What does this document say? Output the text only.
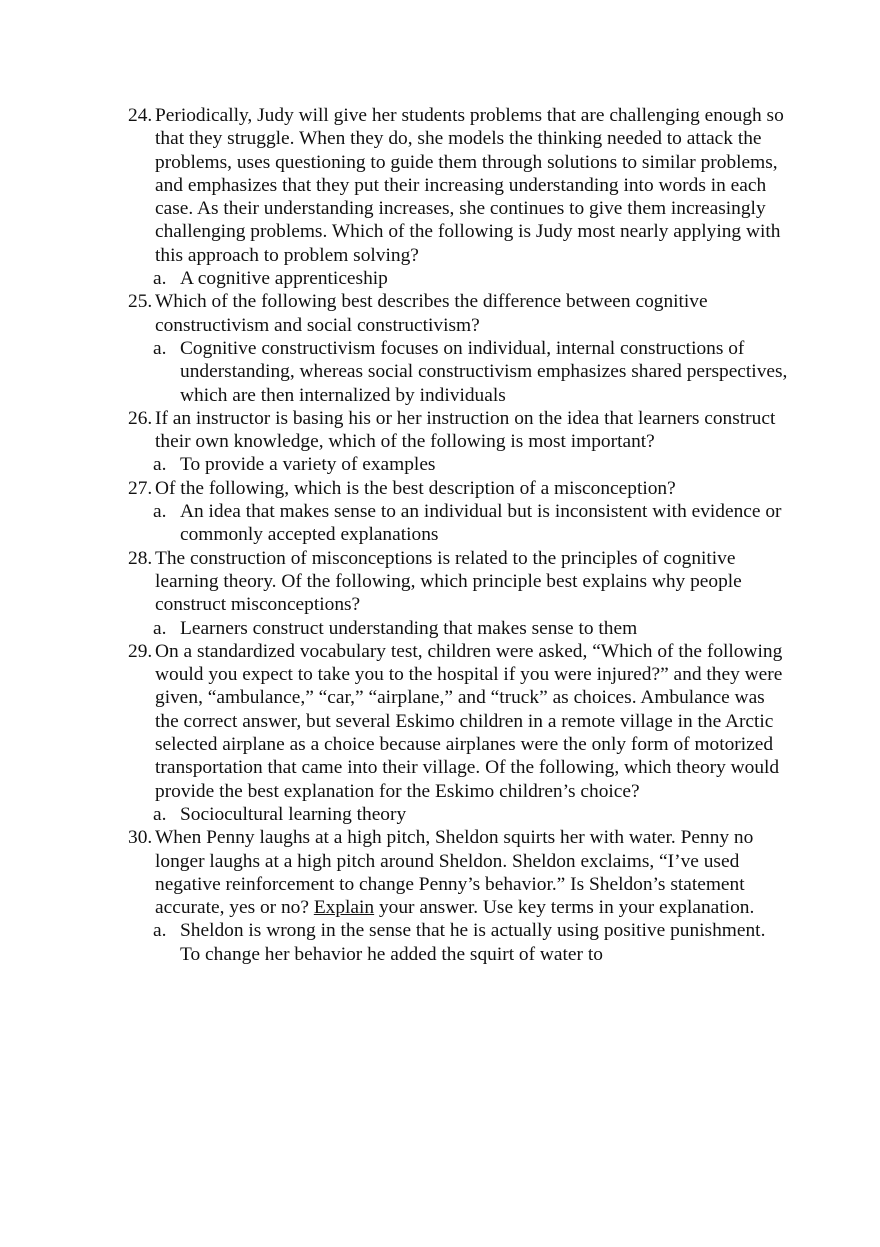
24. Periodically, Judy will give her students problems that are challenging enough so that they struggle. When they do, she models the thinking needed to attack the problems, uses questioning to guide them through solutions to similar problems, and emphasizes that they put their increasing understanding into words in each case. As their understanding increases, she continues to give them increasingly challenging problems. Which of the following is Judy most nearly applying with this approach to problem solving?
a. A cognitive apprenticeship
25. Which of the following best describes the difference between cognitive constructivism and social constructivism?
a. Cognitive constructivism focuses on individual, internal constructions of understanding, whereas social constructivism emphasizes shared perspectives, which are then internalized by individuals
26. If an instructor is basing his or her instruction on the idea that learners construct their own knowledge, which of the following is most important?
a. To provide a variety of examples
27. Of the following, which is the best description of a misconception?
a. An idea that makes sense to an individual but is inconsistent with evidence or commonly accepted explanations
28. The construction of misconceptions is related to the principles of cognitive learning theory. Of the following, which principle best explains why people construct misconceptions?
a. Learners construct understanding that makes sense to them
29. On a standardized vocabulary test, children were asked, “Which of the following would you expect to take you to the hospital if you were injured?” and they were given, “ambulance,” “car,” “airplane,” and “truck” as choices. Ambulance was the correct answer, but several Eskimo children in a remote village in the Arctic selected airplane as a choice because airplanes were the only form of motorized transportation that came into their village. Of the following, which theory would provide the best explanation for the Eskimo children’s choice?
a. Sociocultural learning theory
30. When Penny laughs at a high pitch, Sheldon squirts her with water. Penny no longer laughs at a high pitch around Sheldon. Sheldon exclaims, “I’ve used negative reinforcement to change Penny’s behavior.” Is Sheldon’s statement accurate, yes or no? Explain your answer. Use key terms in your explanation.
a. Sheldon is wrong in the sense that he is actually using positive punishment. To change her behavior he added the squirt of water to
